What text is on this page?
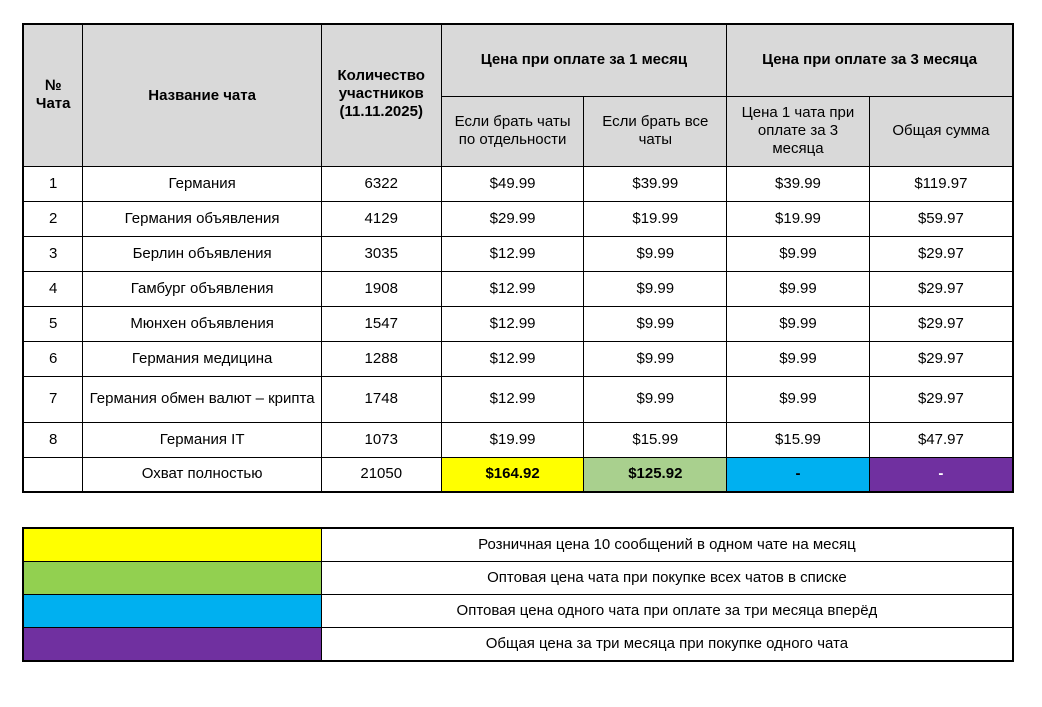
№ Чата	Название чата	Количество участников (11.11.2025)	Цена при оплате за 1 месяц		Цена при оплате за 3 месяца	
			Если брать чаты по отдельности	Если брать все чаты	Цена 1 чата при оплате за 3 месяца	Общая сумма
1	Германия	6322	$49.99	$39.99	$39.99	$119.97
2	Германия объявления	4129	$29.99	$19.99	$19.99	$59.97
3	Берлин объявления	3035	$12.99	$9.99	$9.99	$29.97
4	Гамбург объявления	1908	$12.99	$9.99	$9.99	$29.97
5	Мюнхен объявления	1547	$12.99	$9.99	$9.99	$29.97
6	Германия медицина	1288	$12.99	$9.99	$9.99	$29.97
7	Германия обмен валют – крипта	1748	$12.99	$9.99	$9.99	$29.97
8	Германия IT	1073	$19.99	$15.99	$15.99	$47.97
	Охват полностью	21050	$164.92	$125.92	-	-
	Розничная цена 10 сообщений в одном чате на месяц
	Оптовая цена чата при покупке всех чатов в списке
	Оптовая цена одного чата при оплате за три месяца вперёд
	Общая цена за три месяца при покупке одного чата
